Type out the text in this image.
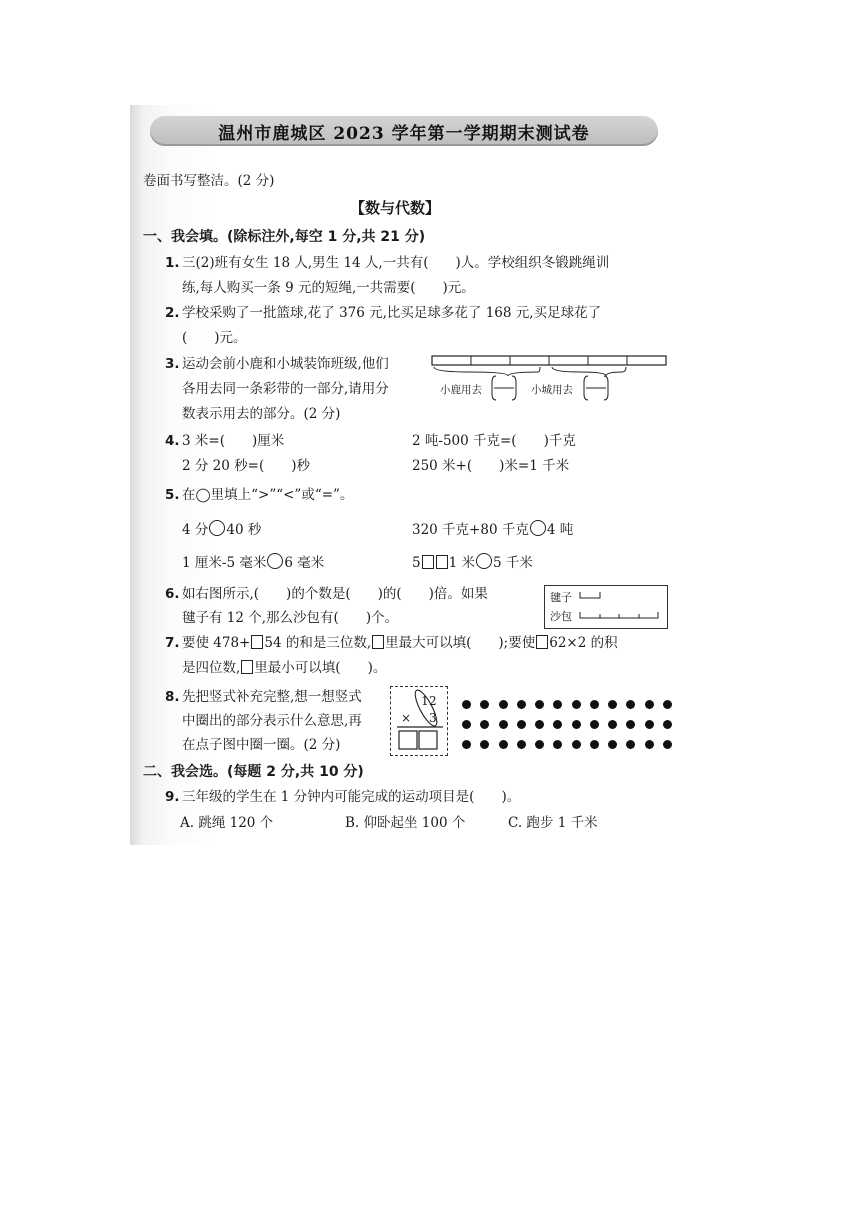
温州市鹿城区 2023 学年第一学期期末测试卷
卷面书写整洁。(2 分)
【数与代数】
一、我会填。(除标注外,每空 1 分,共 21 分)
1. 三(2)班有女生 18 人,男生 14 人,一共有(　　)人。学校组织冬锻跳绳训
练,每人购买一条 9 元的短绳,一共需要(　　)元。
2. 学校采购了一批篮球,花了 376 元,比买足球多花了 168 元,买足球花了
(　　)元。
3. 运动会前小鹿和小城装饰班级,他们
各用去同一条彩带的一部分,请用分
数表示用去的部分。(2 分)
小鹿用去	小城用去
4. 3 米=(　　)厘米	2 吨-500 千克=(　　)千克
2 分 20 秒=(　　)秒	250 米+(　　)米=1 千米
5. 在◯里填上“>”“<”或“=”。
4 分 40 秒	320 千克+80 千克 4 吨
1 厘米-5 毫米 6 毫米	5 1 米 5 千米
6. 如右图所示,(　　)的个数是(　　)的(　　)倍。如果
毽子有 12 个,那么沙包有(　　)个。
毽子
沙包
7. 要使 478+ 54 的和是三位数, 里最大可以填(　　);要使 62×2 的积
是四位数, 里最小可以填(　　)。
8. 先把竖式补充完整,想一想竖式
中圈出的部分表示什么意思,再
在点子图中圈一圈。(2 分)
1 2
× 3
二、我会选。(每题 2 分,共 10 分)
9. 三年级的学生在 1 分钟内可能完成的运动项目是(　　)。
A. 跳绳 120 个	B. 仰卧起坐 100 个	C. 跑步 1 千米
